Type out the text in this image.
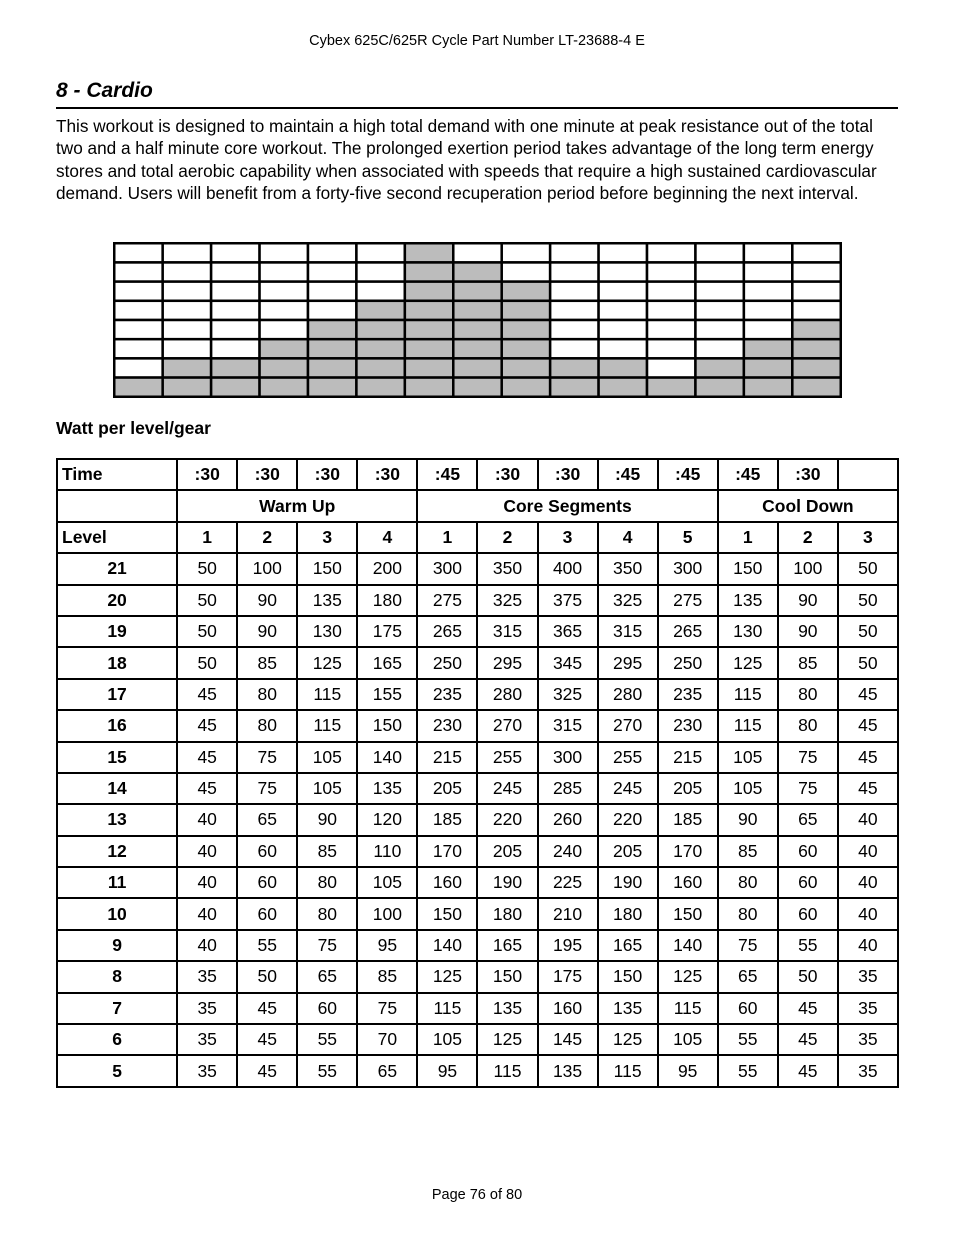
Cybex 625C/625R Cycle Part Number LT-23688-4 E
8 - Cardio
This workout is designed to maintain a high total demand with one minute at peak resistance out of the total two and a half minute core workout. The prolonged exertion period takes advantage of the long term energy stores and total aerobic capability when associated with speeds that require a high sustained cardiovascular demand. Users will benefit from a forty-five second recuperation period before beginning the next interval.
Watt per level/gear
Time	:30	:30	:30	:30	:45	:30	:30	:45	:45	:45	:30	
	Warm Up				Core Segments					Cool Down		
Level	1	2	3	4	1	2	3	4	5	1	2	3
21	50	100	150	200	300	350	400	350	300	150	100	50
20	50	90	135	180	275	325	375	325	275	135	90	50
19	50	90	130	175	265	315	365	315	265	130	90	50
18	50	85	125	165	250	295	345	295	250	125	85	50
17	45	80	115	155	235	280	325	280	235	115	80	45
16	45	80	115	150	230	270	315	270	230	115	80	45
15	45	75	105	140	215	255	300	255	215	105	75	45
14	45	75	105	135	205	245	285	245	205	105	75	45
13	40	65	90	120	185	220	260	220	185	90	65	40
12	40	60	85	110	170	205	240	205	170	85	60	40
11	40	60	80	105	160	190	225	190	160	80	60	40
10	40	60	80	100	150	180	210	180	150	80	60	40
9	40	55	75	95	140	165	195	165	140	75	55	40
8	35	50	65	85	125	150	175	150	125	65	50	35
7	35	45	60	75	115	135	160	135	115	60	45	35
6	35	45	55	70	105	125	145	125	105	55	45	35
5	35	45	55	65	95	115	135	115	95	55	45	35
Page 76 of 80
